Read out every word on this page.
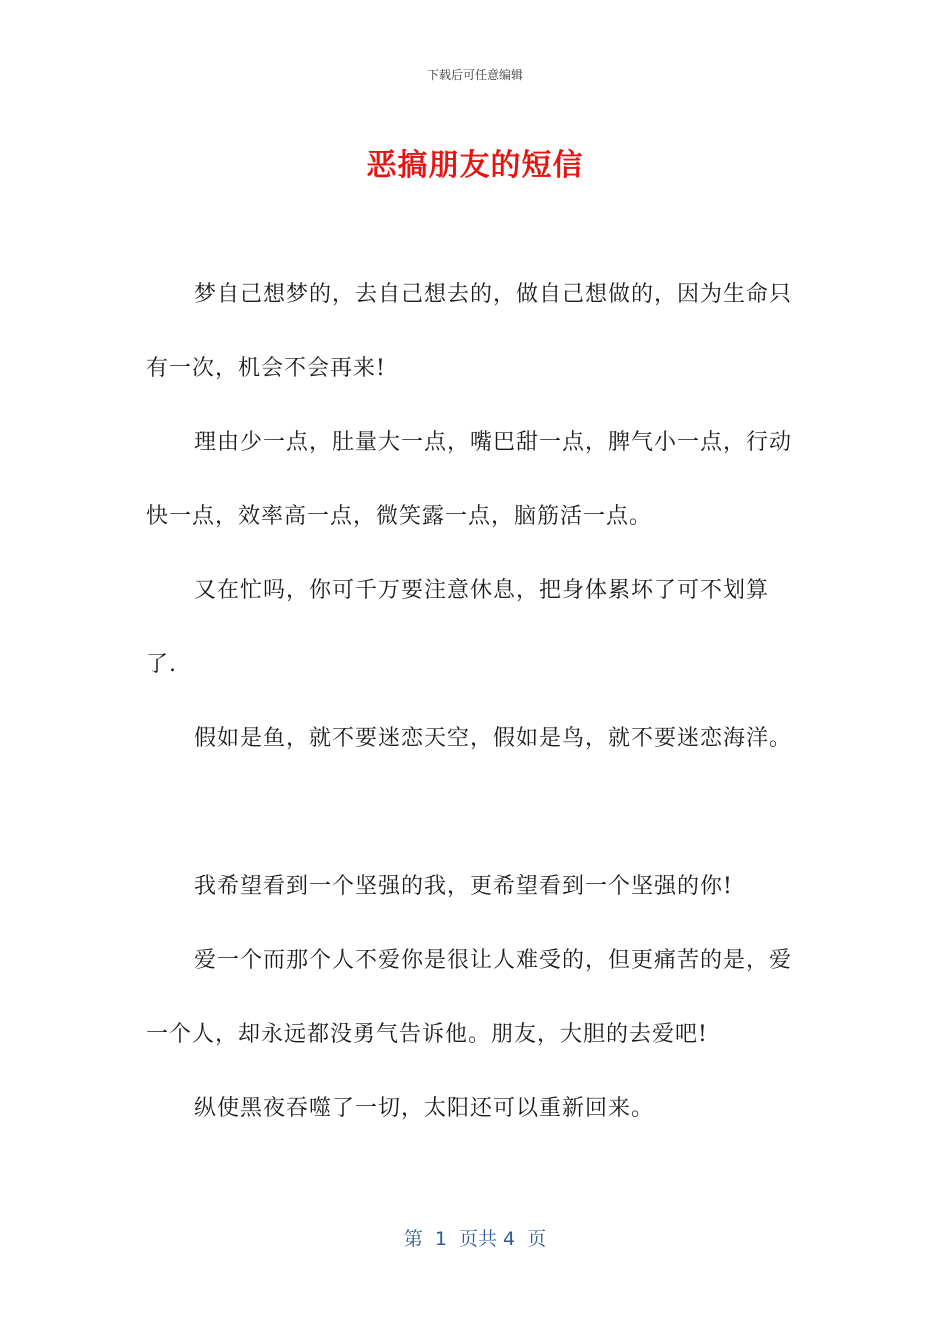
下载后可任意编辑
恶搞朋友的短信

梦自己想梦的，去自己想去的，做自己想做的，因为生命只有一次，机会不会再来!

理由少一点，肚量大一点，嘴巴甜一点，脾气小一点，行动快一点，效率高一点，微笑露一点，脑筋活一点。

又在忙吗，你可千万要注意休息，把身体累坏了可不划算了.

假如是鱼，就不要迷恋天空，假如是鸟，就不要迷恋海洋。

我希望看到一个坚强的我，更希望看到一个坚强的你!

爱一个而那个人不爱你是很让人难受的，但更痛苦的是，爱一个人，却永远都没勇气告诉他。朋友，大胆的去爱吧!

纵使黑夜吞噬了一切，太阳还可以重新回来。

第  1  页共 4  页
